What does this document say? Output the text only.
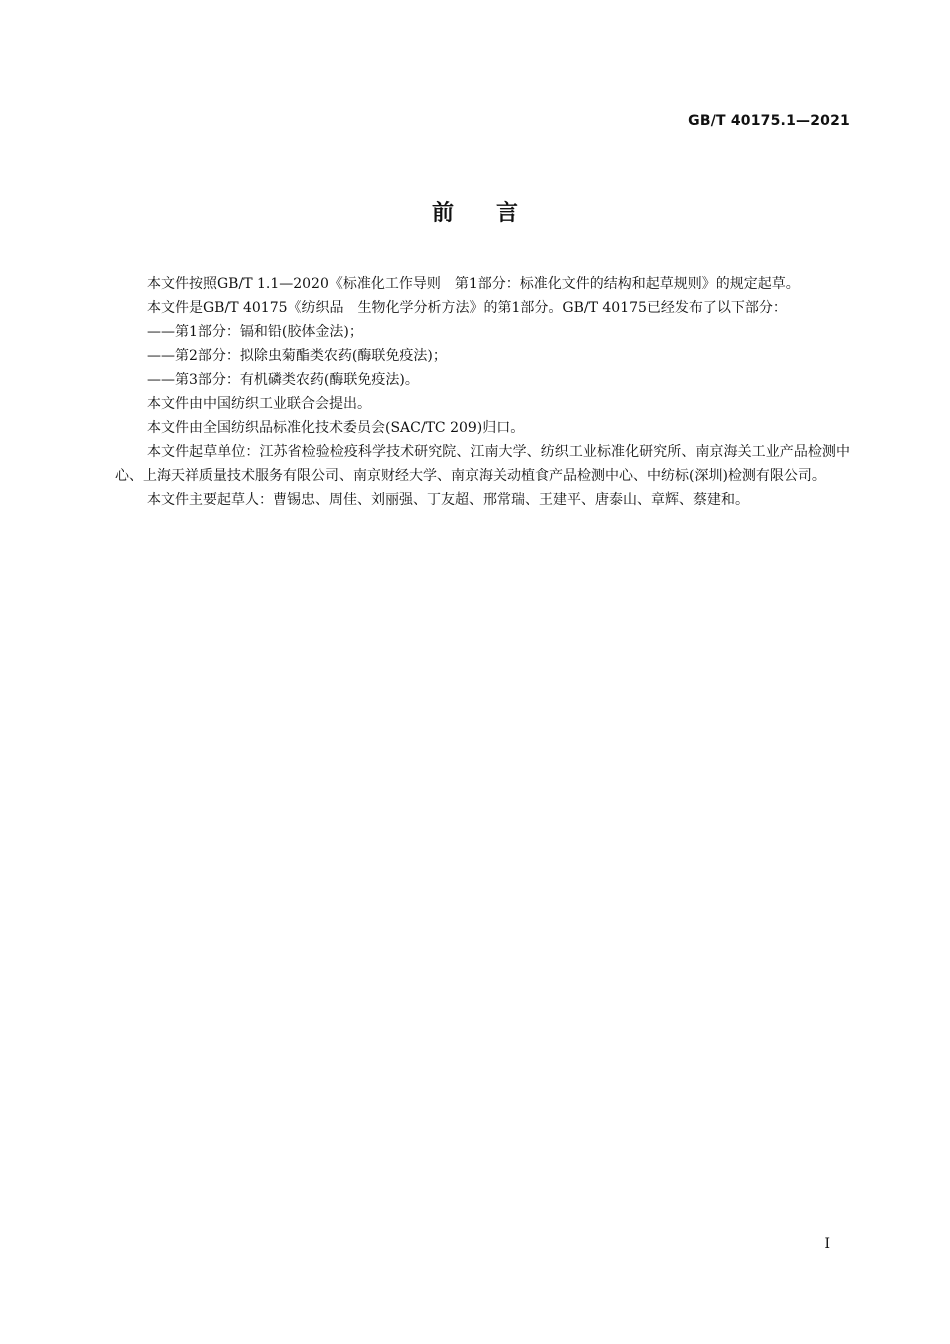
GB/T 40175.1—2021
前言

本文件按照GB/T 1.1—2020《标准化工作导则　第1部分：标准化文件的结构和起草规则》的规定起草。

本文件是GB/T 40175《纺织品　生物化学分析方法》的第1部分。GB/T 40175已经发布了以下部分：

——第1部分：镉和铅(胶体金法)；

——第2部分：拟除虫菊酯类农药(酶联免疫法)；

——第3部分：有机磷类农药(酶联免疫法)。

本文件由中国纺织工业联合会提出。

本文件由全国纺织品标准化技术委员会(SAC/TC 209)归口。

本文件起草单位：江苏省检验检疫科学技术研究院、江南大学、纺织工业标准化研究所、南京海关工业产品检测中心、上海天祥质量技术服务有限公司、南京财经大学、南京海关动植食产品检测中心、中纺标(深圳)检测有限公司。

本文件主要起草人：曹锡忠、周佳、刘丽强、丁友超、邢常瑞、王建平、唐泰山、章辉、蔡建和。

I
